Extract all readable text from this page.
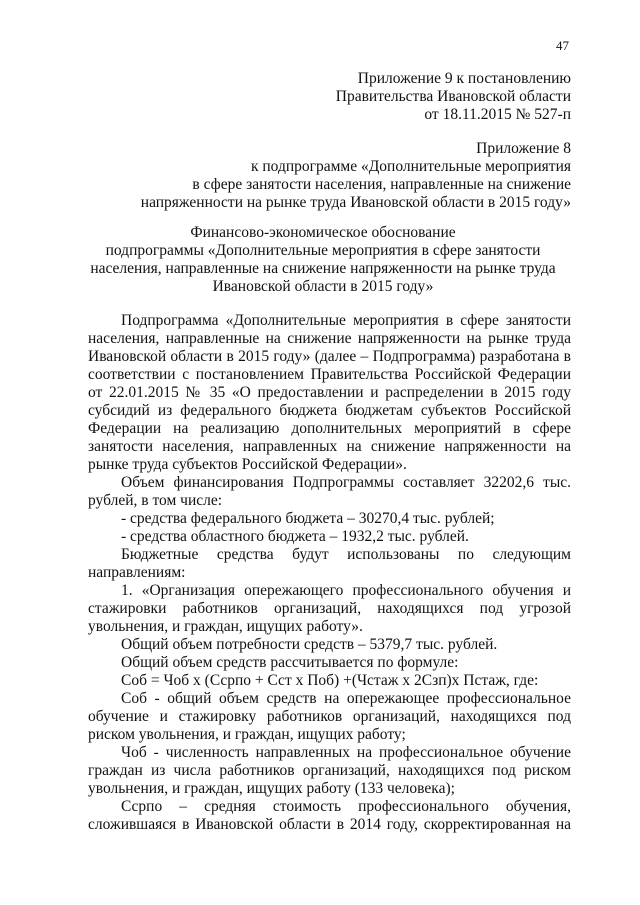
47
Приложение 9 к постановлению
Правительства Ивановской области
от 18.11.2015 № 527-п
Приложение 8
к подпрограмме «Дополнительные мероприятия
в сфере занятости населения, направленные на снижение
напряженности на рынке труда Ивановской области в 2015 году»
Финансово-экономическое обоснование
подпрограммы «Дополнительные мероприятия в сфере занятости
населения, направленные на снижение напряженности на рынке труда
Ивановской области в 2015 году»

Подпрограмма «Дополнительные мероприятия в сфере занятости населения, направленные на снижение напряженности на рынке труда Ивановской области в 2015 году» (далее – Подпрограмма) разработана в соответствии с постановлением Правительства Российской Федерации от 22.01.2015 № 35 «О предоставлении и распределении в 2015 году субсидий из федерального бюджета бюджетам субъектов Российской Федерации на реализацию дополнительных мероприятий в сфере занятости населения, направленных на снижение напряженности на рынке труда субъектов Российской Федерации».

Объем финансирования Подпрограммы составляет 32202,6 тыс. рублей, в том числе:

- средства федерального бюджета – 30270,4 тыс. рублей;

- средства областного бюджета – 1932,2 тыс. рублей.

Бюджетные средства будут использованы по следующим направлениям:

1. «Организация опережающего профессионального обучения и стажировки работников организаций, находящихся под угрозой увольнения, и граждан, ищущих работу».

Общий объем потребности средств – 5379,7 тыс. рублей.

Общий объем средств рассчитывается по формуле:

Соб = Чоб х (Ссрпо + Сст х Поб) +(Чстаж х 2Сзп)х Пстаж, где:

Соб - общий объем средств на опережающее профессиональное обучение и стажировку работников организаций, находящихся под риском увольнения, и граждан, ищущих работу;

Чоб - численность направленных на профессиональное обучение граждан из числа работников организаций, находящихся под риском увольнения, и граждан, ищущих работу (133 человека);

Ссрпо – средняя стоимость профессионального обучения, сложившаяся в Ивановской области в 2014 году, скорректированная на
